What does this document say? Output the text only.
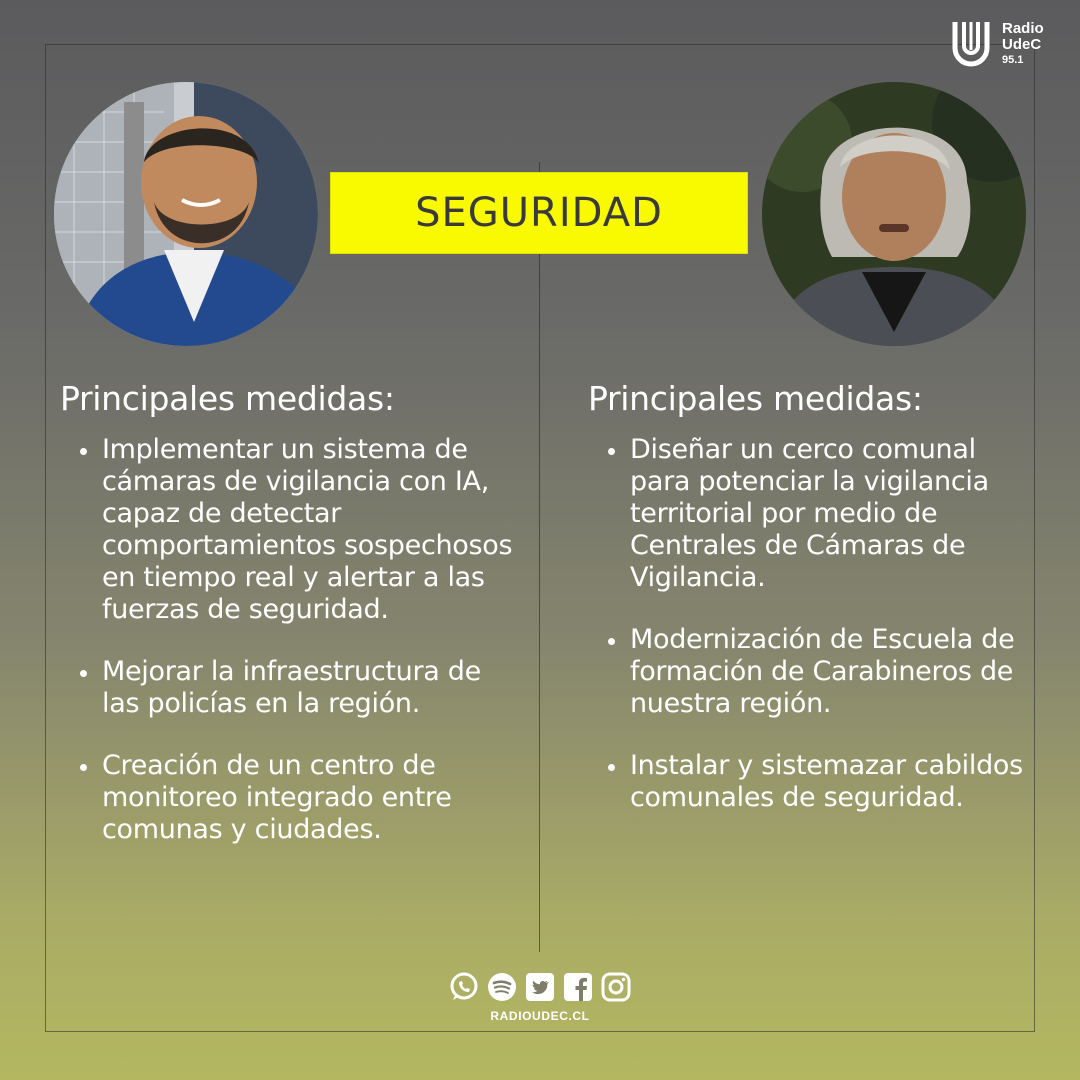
Radio
UdeC
95.1
SEGURIDAD
Principales medidas:
Implementar un sistema de cámaras de vigilancia con IA, capaz de detectar comportamientos sospechosos en tiempo real y alertar a las fuerzas de seguridad.
Mejorar la infraestructura de las policías en la región.
Creación de un centro de monitoreo integrado entre comunas y ciudades.
Principales medidas:
Diseñar un cerco comunal para potenciar la vigilancia territorial por medio de Centrales de Cámaras de Vigilancia.
Modernización de Escuela de formación de Carabineros de nuestra región.
Instalar y sistemazar cabildos comunales de seguridad.
RADIOUDEC.CL
